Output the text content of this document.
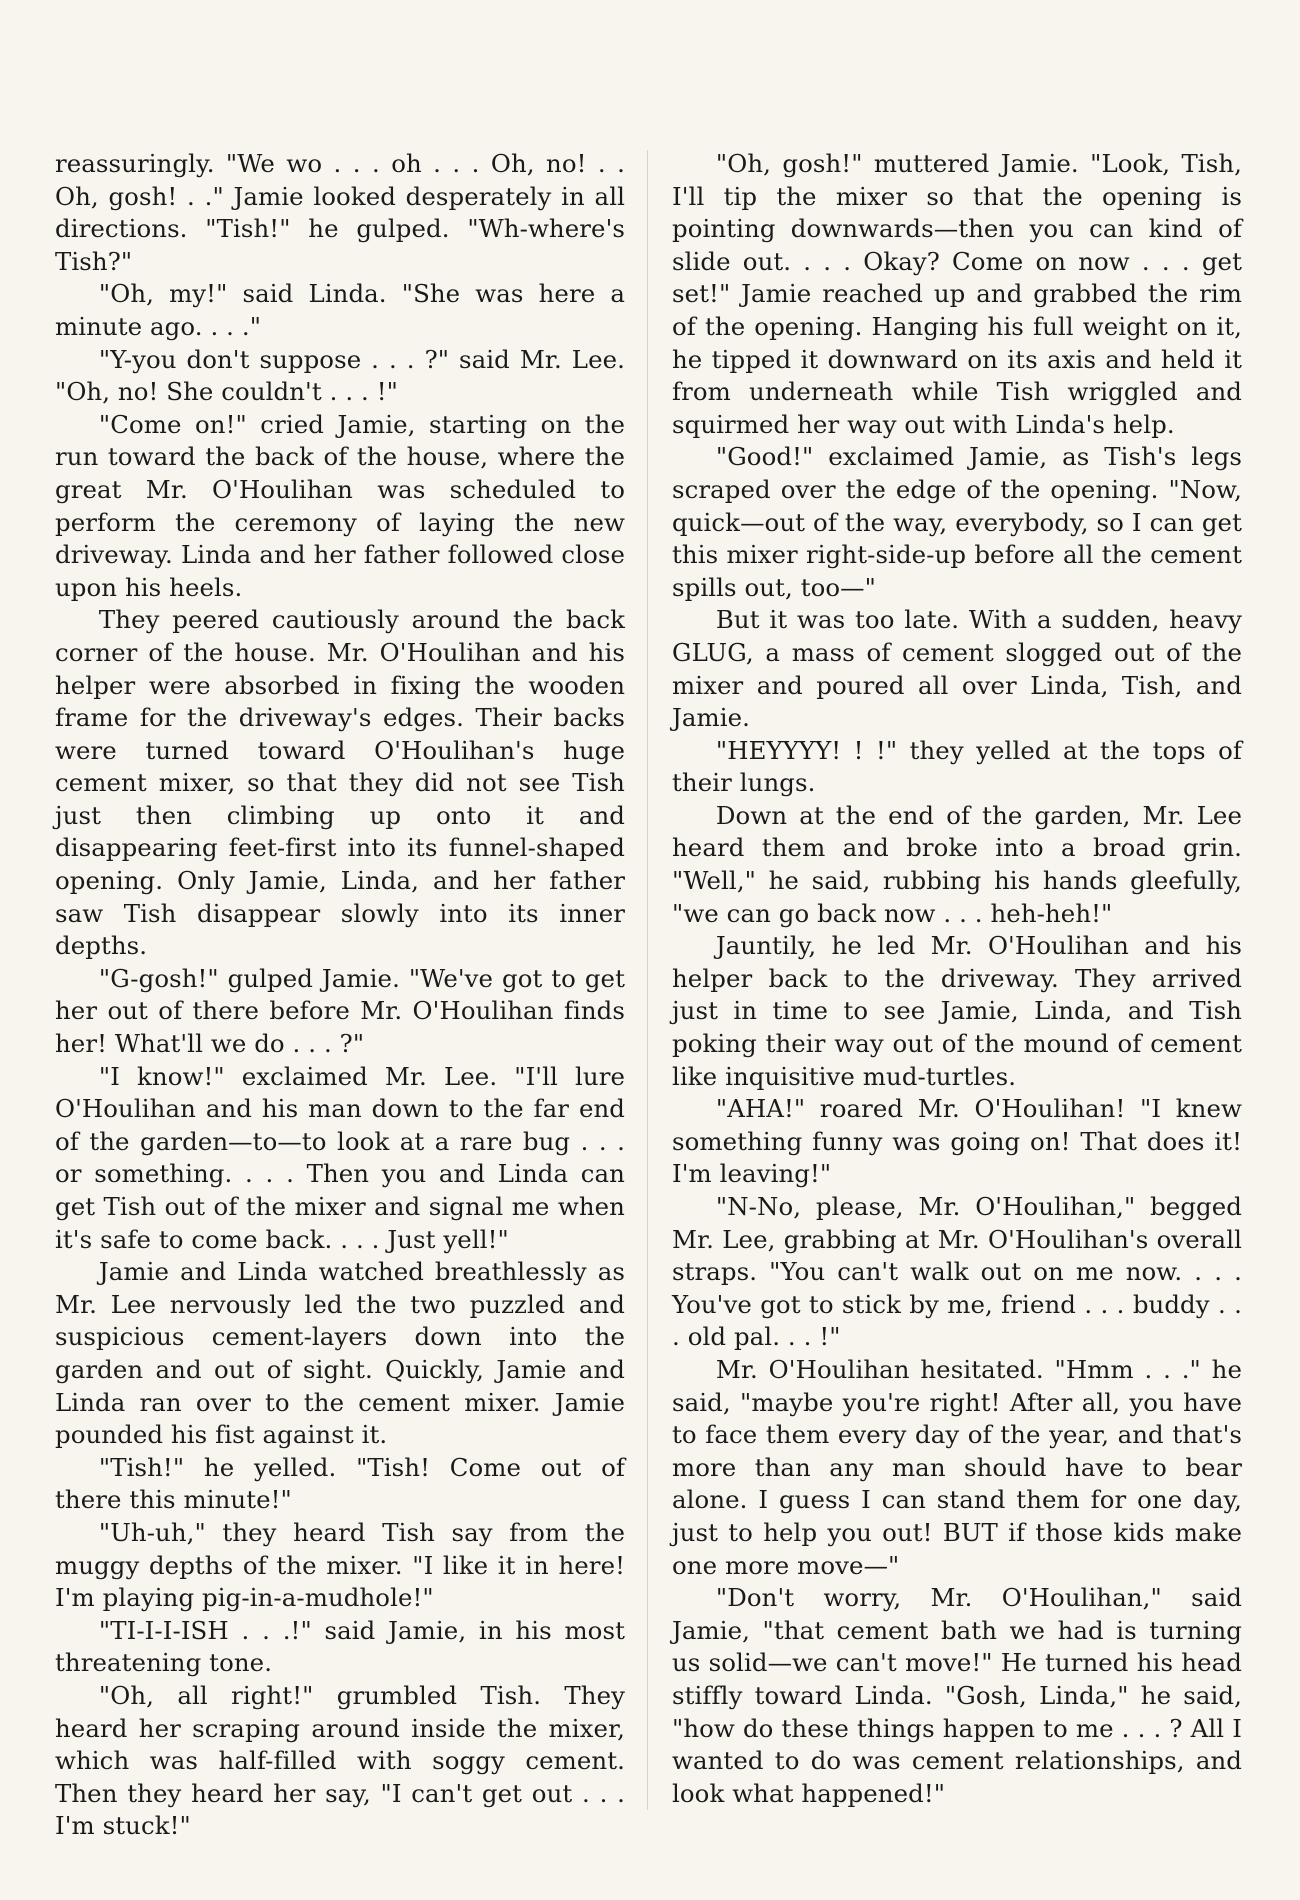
reassuringly. "We wo . . . oh . . . Oh, no! . . Oh, gosh! . ." Jamie looked desperately in all directions. "Tish!" he gulped. "Wh-where's Tish?"

"Oh, my!" said Linda. "She was here a minute ago. . . ."

"Y-you don't suppose . . . ?" said Mr. Lee. "Oh, no! She couldn't . . . !"

"Come on!" cried Jamie, starting on the run toward the back of the house, where the great Mr. O'Houlihan was scheduled to perform the ceremony of laying the new driveway. Linda and her father followed close upon his heels.

They peered cautiously around the back corner of the house. Mr. O'Houlihan and his helper were absorbed in fixing the wooden frame for the driveway's edges. Their backs were turned toward O'Houlihan's huge cement mixer, so that they did not see Tish just then climbing up onto it and disappearing feet-first into its funnel-shaped opening. Only Jamie, Linda, and her father saw Tish disappear slowly into its inner depths.

"G-gosh!" gulped Jamie. "We've got to get her out of there before Mr. O'Houlihan finds her! What'll we do . . . ?"

"I know!" exclaimed Mr. Lee. "I'll lure O'Houlihan and his man down to the far end of the garden—to—to look at a rare bug . . . or something. . . . Then you and Linda can get Tish out of the mixer and signal me when it's safe to come back. . . . Just yell!"

Jamie and Linda watched breathlessly as Mr. Lee nervously led the two puzzled and suspicious cement-layers down into the garden and out of sight. Quickly, Jamie and Linda ran over to the cement mixer. Jamie pounded his fist against it.

"Tish!" he yelled. "Tish! Come out of there this minute!"

"Uh-uh," they heard Tish say from the muggy depths of the mixer. "I like it in here! I'm playing pig-in-a-mudhole!"

"TI-I-I-ISH . . .!" said Jamie, in his most threatening tone.

"Oh, all right!" grumbled Tish. They heard her scraping around inside the mixer, which was half-filled with soggy cement. Then they heard her say, "I can't get out . . . I'm stuck!"

"Oh, gosh!" muttered Jamie. "Look, Tish, I'll tip the mixer so that the opening is pointing downwards—then you can kind of slide out. . . . Okay? Come on now . . . get set!" Jamie reached up and grabbed the rim of the opening. Hanging his full weight on it, he tipped it downward on its axis and held it from underneath while Tish wriggled and squirmed her way out with Linda's help.

"Good!" exclaimed Jamie, as Tish's legs scraped over the edge of the opening. "Now, quick—out of the way, everybody, so I can get this mixer right-side-up before all the cement spills out, too—"

But it was too late. With a sudden, heavy GLUG, a mass of cement slogged out of the mixer and poured all over Linda, Tish, and Jamie.

"HEYYYY! ! !" they yelled at the tops of their lungs.

Down at the end of the garden, Mr. Lee heard them and broke into a broad grin. "Well," he said, rubbing his hands gleefully, "we can go back now . . . heh-heh!"

Jauntily, he led Mr. O'Houlihan and his helper back to the driveway. They arrived just in time to see Jamie, Linda, and Tish poking their way out of the mound of cement like inquisitive mud-turtles.

"AHA!" roared Mr. O'Houlihan! "I knew something funny was going on! That does it! I'm leaving!"

"N-No, please, Mr. O'Houlihan," begged Mr. Lee, grabbing at Mr. O'Houlihan's overall straps. "You can't walk out on me now. . . . You've got to stick by me, friend . . . buddy . . . old pal. . . !"

Mr. O'Houlihan hesitated. "Hmm . . ." he said, "maybe you're right! After all, you have to face them every day of the year, and that's more than any man should have to bear alone. I guess I can stand them for one day, just to help you out! BUT if those kids make one more move—"

"Don't worry, Mr. O'Houlihan," said Jamie, "that cement bath we had is turning us solid—we can't move!" He turned his head stiffly toward Linda. "Gosh, Linda," he said, "how do these things happen to me . . . ? All I wanted to do was cement relationships, and look what happened!"
